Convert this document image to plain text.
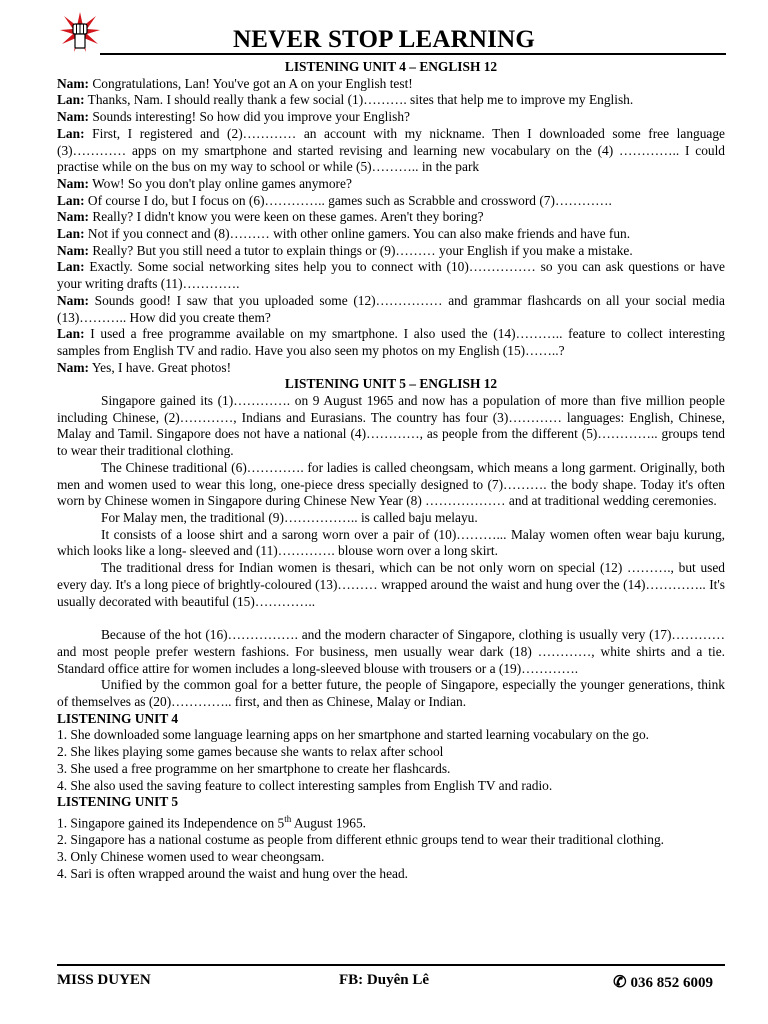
NEVER STOP LEARNING

LISTENING UNIT 4 – ENGLISH 12

Nam: Congratulations, Lan! You've got an A on your English test!

Lan: Thanks, Nam. I should really thank a few social (1)………. sites that help me to improve my English.

Nam: Sounds interesting! So how did you improve your English?

Lan: First, I registered and (2)………… an account with my nickname. Then I downloaded some free language (3)………… apps on my smartphone and started revising and learning new vocabulary on the (4) ………….. I could practise while on the bus on my way to school or while (5)……….. in the park

Nam: Wow! So you don't play online games anymore?

Lan: Of course I do, but I focus on (6)………….. games such as Scrabble and crossword (7)………….

Nam: Really? I didn't know you were keen on these games. Aren't they boring?

Lan: Not if you connect and (8)……… with other online gamers. You can also make friends and have fun.

Nam: Really? But you still need a tutor to explain things or (9)……… your English if you make a mistake.

Lan: Exactly. Some social networking sites help you to connect with (10)…………… so you can ask questions or have your writing drafts (11)………….

Nam: Sounds good! I saw that you uploaded some (12)…………… and grammar flashcards on all your social media (13)……….. How did you create them?

Lan: I used a free programme available on my smartphone. I also used the (14)……….. feature to collect interesting samples from English TV and radio. Have you also seen my photos on my English (15)……..?

Nam: Yes, I have. Great photos!

LISTENING UNIT 5 – ENGLISH 12

Singapore gained its (1)…………. on 9 August 1965 and now has a population of more than five million people including Chinese, (2)…………, Indians and Eurasians. The country has four (3)………… languages: English, Chinese, Malay and Tamil. Singapore does not have a national (4)…………, as people from the different (5)………….. groups tend to wear their traditional clothing.

The Chinese traditional (6)…………. for ladies is called cheongsam, which means a long garment. Originally, both men and women used to wear this long, one-piece dress specially designed to (7)………. the body shape. Today it's often worn by Chinese women in Singapore during Chinese New Year (8) ……………… and at traditional wedding ceremonies.

For Malay men, the traditional (9)…………….. is called baju melayu.

It consists of a loose shirt and a sarong worn over a pair of (10)………... Malay women often wear baju kurung, which looks like a long- sleeved and (11)…………. blouse worn over a long skirt.

The traditional dress for Indian women is thesari, which can be not only worn on special (12) ………., but used every day. It's a long piece of brightly-coloured (13)……… wrapped around the waist and hung over the (14)………….. It's usually decorated with beautiful (15)…………..

Because of the hot (16)……………. and the modern character of Singapore, clothing is usually very (17)………… and most people prefer western fashions. For business, men usually wear dark (18) …………, white shirts and a tie. Standard office attire for women includes a long-sleeved blouse with trousers or a (19)………….

Unified by the common goal for a better future, the people of Singapore, especially the younger generations, think of themselves as (20)………….. first, and then as Chinese, Malay or Indian.

LISTENING UNIT 4

1. She downloaded some language learning apps on her smartphone and started learning vocabulary on the go.

2. She likes playing some games because she wants to relax after school

3. She used a free programme on her smartphone to create her flashcards.

4. She also used the saving feature to collect interesting samples from English TV and radio.

LISTENING UNIT 5

1. Singapore gained its Independence on 5th August 1965.

2. Singapore has a national costume as people from different ethnic groups tend to wear their traditional clothing.

3. Only Chinese women used to wear cheongsam.

4. Sari is often wrapped around the waist and hung over the head.

MISS DUYEN	FB: Duyên Lê	✆ 036 852 6009
